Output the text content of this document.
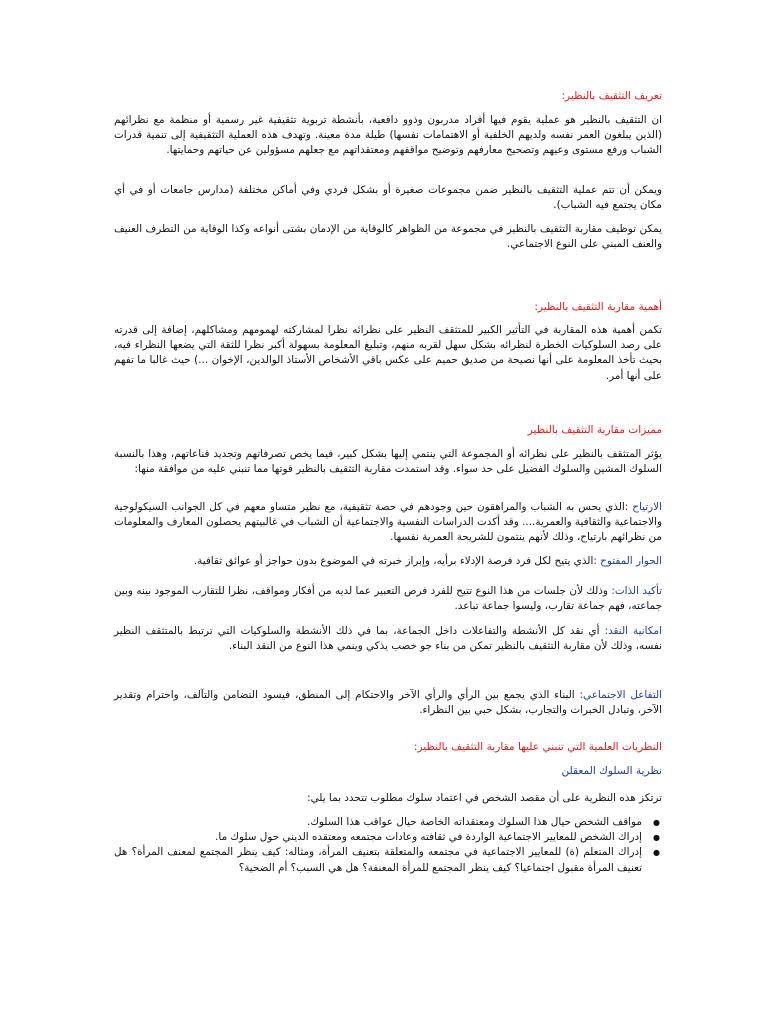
تعريف التثقيف بالنظير:

ان التثقيف بالنظير هو عملية يقوم فيها أفراد مدربون وذوو دافعية، بأنشطة تربوية تثقيفية غير رسمية أو منظمة مع نظرائهم (الذين يبلغون العمر نفسه ولديهم الخلفية أو الاهتمامات نفسها) طيلة مدة معينة. وتهدف هذه العملية التثقيفية إلى تنمية قدرات الشباب ورفع مستوى وعيهم وتصحيح معارفهم وتوضيح مواقفهم ومعتقداتهم مع جعلهم مسؤولين عن حياتهم وحمايتها.

ويمكن أن تتم عملية التثقيف بالنظير ضمن مجموعات صغيرة أو بشكل فردي وفي أماكن مختلفة (مدارس جامعات أو في أي مكان يجتمع فيه الشباب).

يمكن توظيف مقاربة التثقيف بالنظير في مجموعة من الظواهر كالوقاية من الإدمان بشتى أنواعه وكذا الوقاية من التطرف العنيف والعنف المبني على النوع الاجتماعي.

أهمية مقاربة التثقيف بالنظير:

تكمن أهمية هذه المقاربة في التأثير الكبير للمتثقف النظير على نظرائه نظرا لمشاركته لهمومهم ومشاكلهم، إضافة إلى قدرته على رصد السلوكيات الخطرة لنظرائه بشكل سهل لقربه منهم، وتبليغ المعلومة بسهولة أكبر نظرا للثقة التي يضعها النظراء فيه، بحيث تأخذ المعلومة على أنها نصيحة من صديق حميم على عكس باقي الأشخاص الأستاذ الوالدين، الإخوان ...) حيث غالبا ما تفهم على أنها أمر.

مميزات مقاربة التثقيف بالنظير

يؤثر المتثقف بالنظير على نظرائه أو المجموعة التي ينتمي إليها بشكل كبير، فيما يخص تصرفاتهم وتجديد قناعاتهم، وهذا بالنسبة السلوك المشين والسلوك الفضيل على حد سواء. وقد استمدت مقاربة التثقيف بالنظير قوتها مما تنبني عليه من موافقة منها:

الارتياح :الذي يحس به الشباب والمراهقون حين وجودهم في حصة تثقيفية، مع نظير متساو معهم في كل الجوانب السيكولوجية والاجتماعية والثقافية والعمرية.... وقد أكدت الدراسات النفسية والاجتماعية أن الشباب في غالبيتهم يحصلون المعارف والمعلومات من نظرائهم بارتياح، وذلك لأنهم ينتمون للشريحة العمرية نفسها.

الحوار المفتوح :الذي يتيح لكل فرد فرصة الإدلاء برأيه، وإبراز خبرته في الموضوع بدون حواجز أو عوائق ثقافية.

تأكيد الذات: وذلك لأن جلسات من هذا النوع تتيح للفرد فرص التعبير عما لديه من أفكار ومواقف، نظرا للتقارب الموجود بينه وبين جماعته، فهم جماعة تقارب، وليسوا جماعة تباعد.

امكانية النقد: أي نقد كل الأنشطة والتفاعلات داخل الجماعة، بما في ذلك الأنشطة والسلوكيات التي ترتبط بالمتثقف النظير نفسه، وذلك لأن مقاربة التثقيف بالنظير تمكن من بناء جو خصب يذكي وينمي هذا النوع من النقد البناء.

التفاعل الاجتماعي: البناء الذي يجمع بين الرأي والرأي الآخر والاحتكام إلى المنطق، فيسود التضامن والتآلف، واحترام وتقدير الآخر، وتبادل الخبرات والتجارب، بشكل حبي بين النظراء.

النظريات العلمية التي تنبني عليها مقاربة التثقيف بالنظير:

نظرية السلوك المعقلن

ترتكز هذه النظرية على أن مقصد الشخص في اعتماد سلوك مطلوب تتحدد بما يلي:

● مواقف الشخص حيال هذا السلوك ومعتقداته الخاصة حيال عواقب هذا السلوك.
● إدراك الشخص للمعايير الاجتماعية الواردة في ثقافته وعادات مجتمعه ومعتقده الديني حول سلوك ما.
● إدراك المتعلم (ة) للمعايير الاجتماعية في مجتمعه والمتعلقة بتعنيف المرأة، ومثاله: كيف ينظر المجتمع لمعنف المرأة؟ هل تعنيف المرأة مقبول اجتماعيا؟ كيف ينظر المجتمع للمرأة المعنفة؟ هل هي السبب؟ أم الضحية؟
